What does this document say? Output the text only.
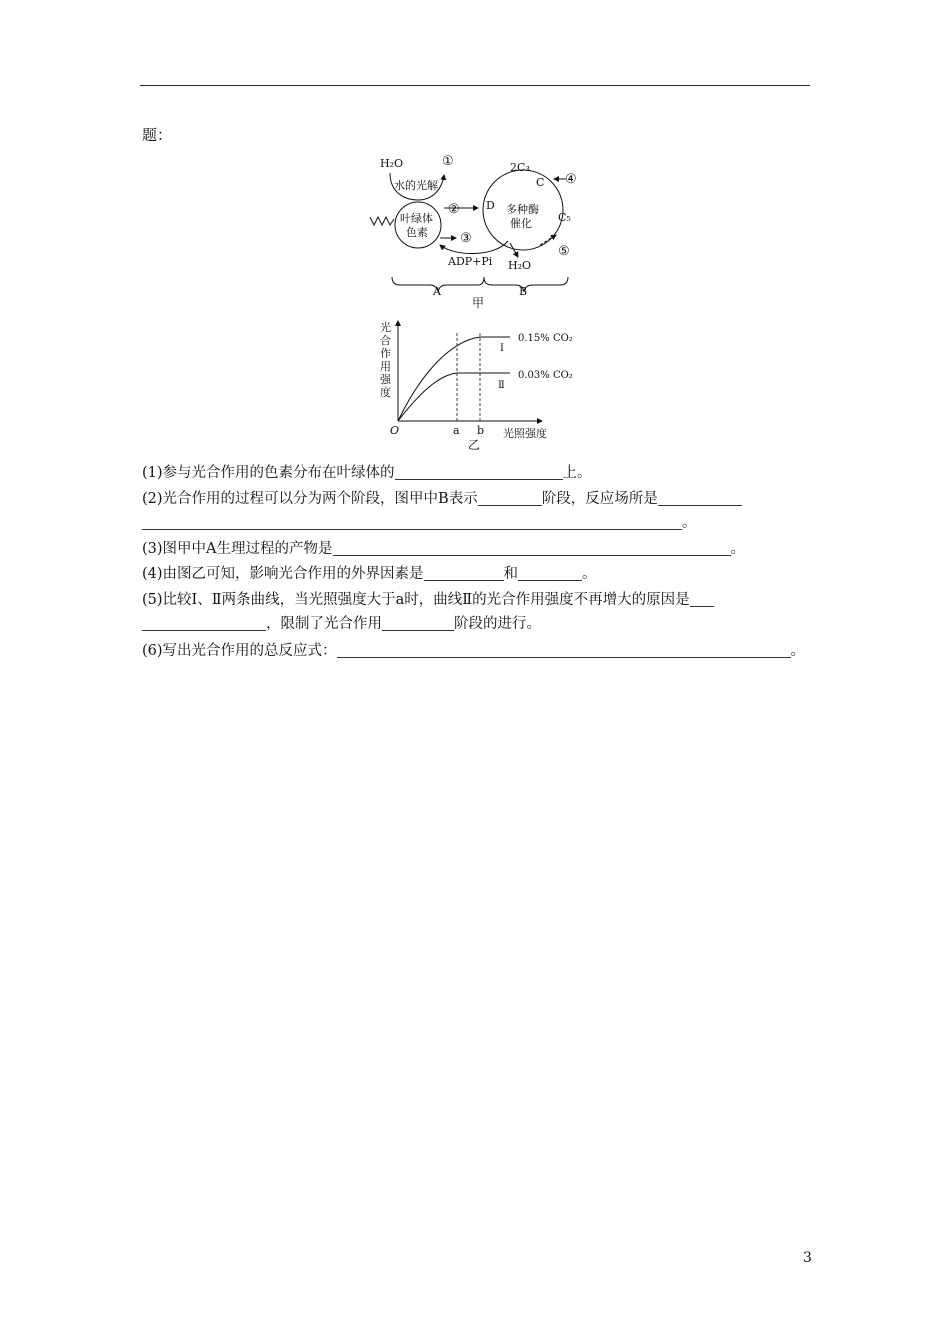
题：
H₂O	①
水的光解
叶绿体
色素
② D
③
ADP+Pi H₂O
2C₃
C ④
多种酶
催化 C₅
⑤
A	B
甲
光
合
作
用
强
度
O	a b 光照强度
0.15% CO₂
Ⅰ
0.03% CO₂
Ⅱ
乙
(1)参与光合作用的色素分布在叶绿体的	上。
(2)光合作用的过程可以分为两个阶段，图甲中B表示	阶段，反应场所是
。
(3)图甲中A生理过程的产物是	。
(4)由图乙可知，影响光合作用的外界因素是	和	。
(5)比较Ⅰ、Ⅱ两条曲线，当光照强度大于a时，曲线Ⅱ的光合作用强度不再增大的原因是
，限制了光合作用	阶段的进行。
(6)写出光合作用的总反应式：	。
3
